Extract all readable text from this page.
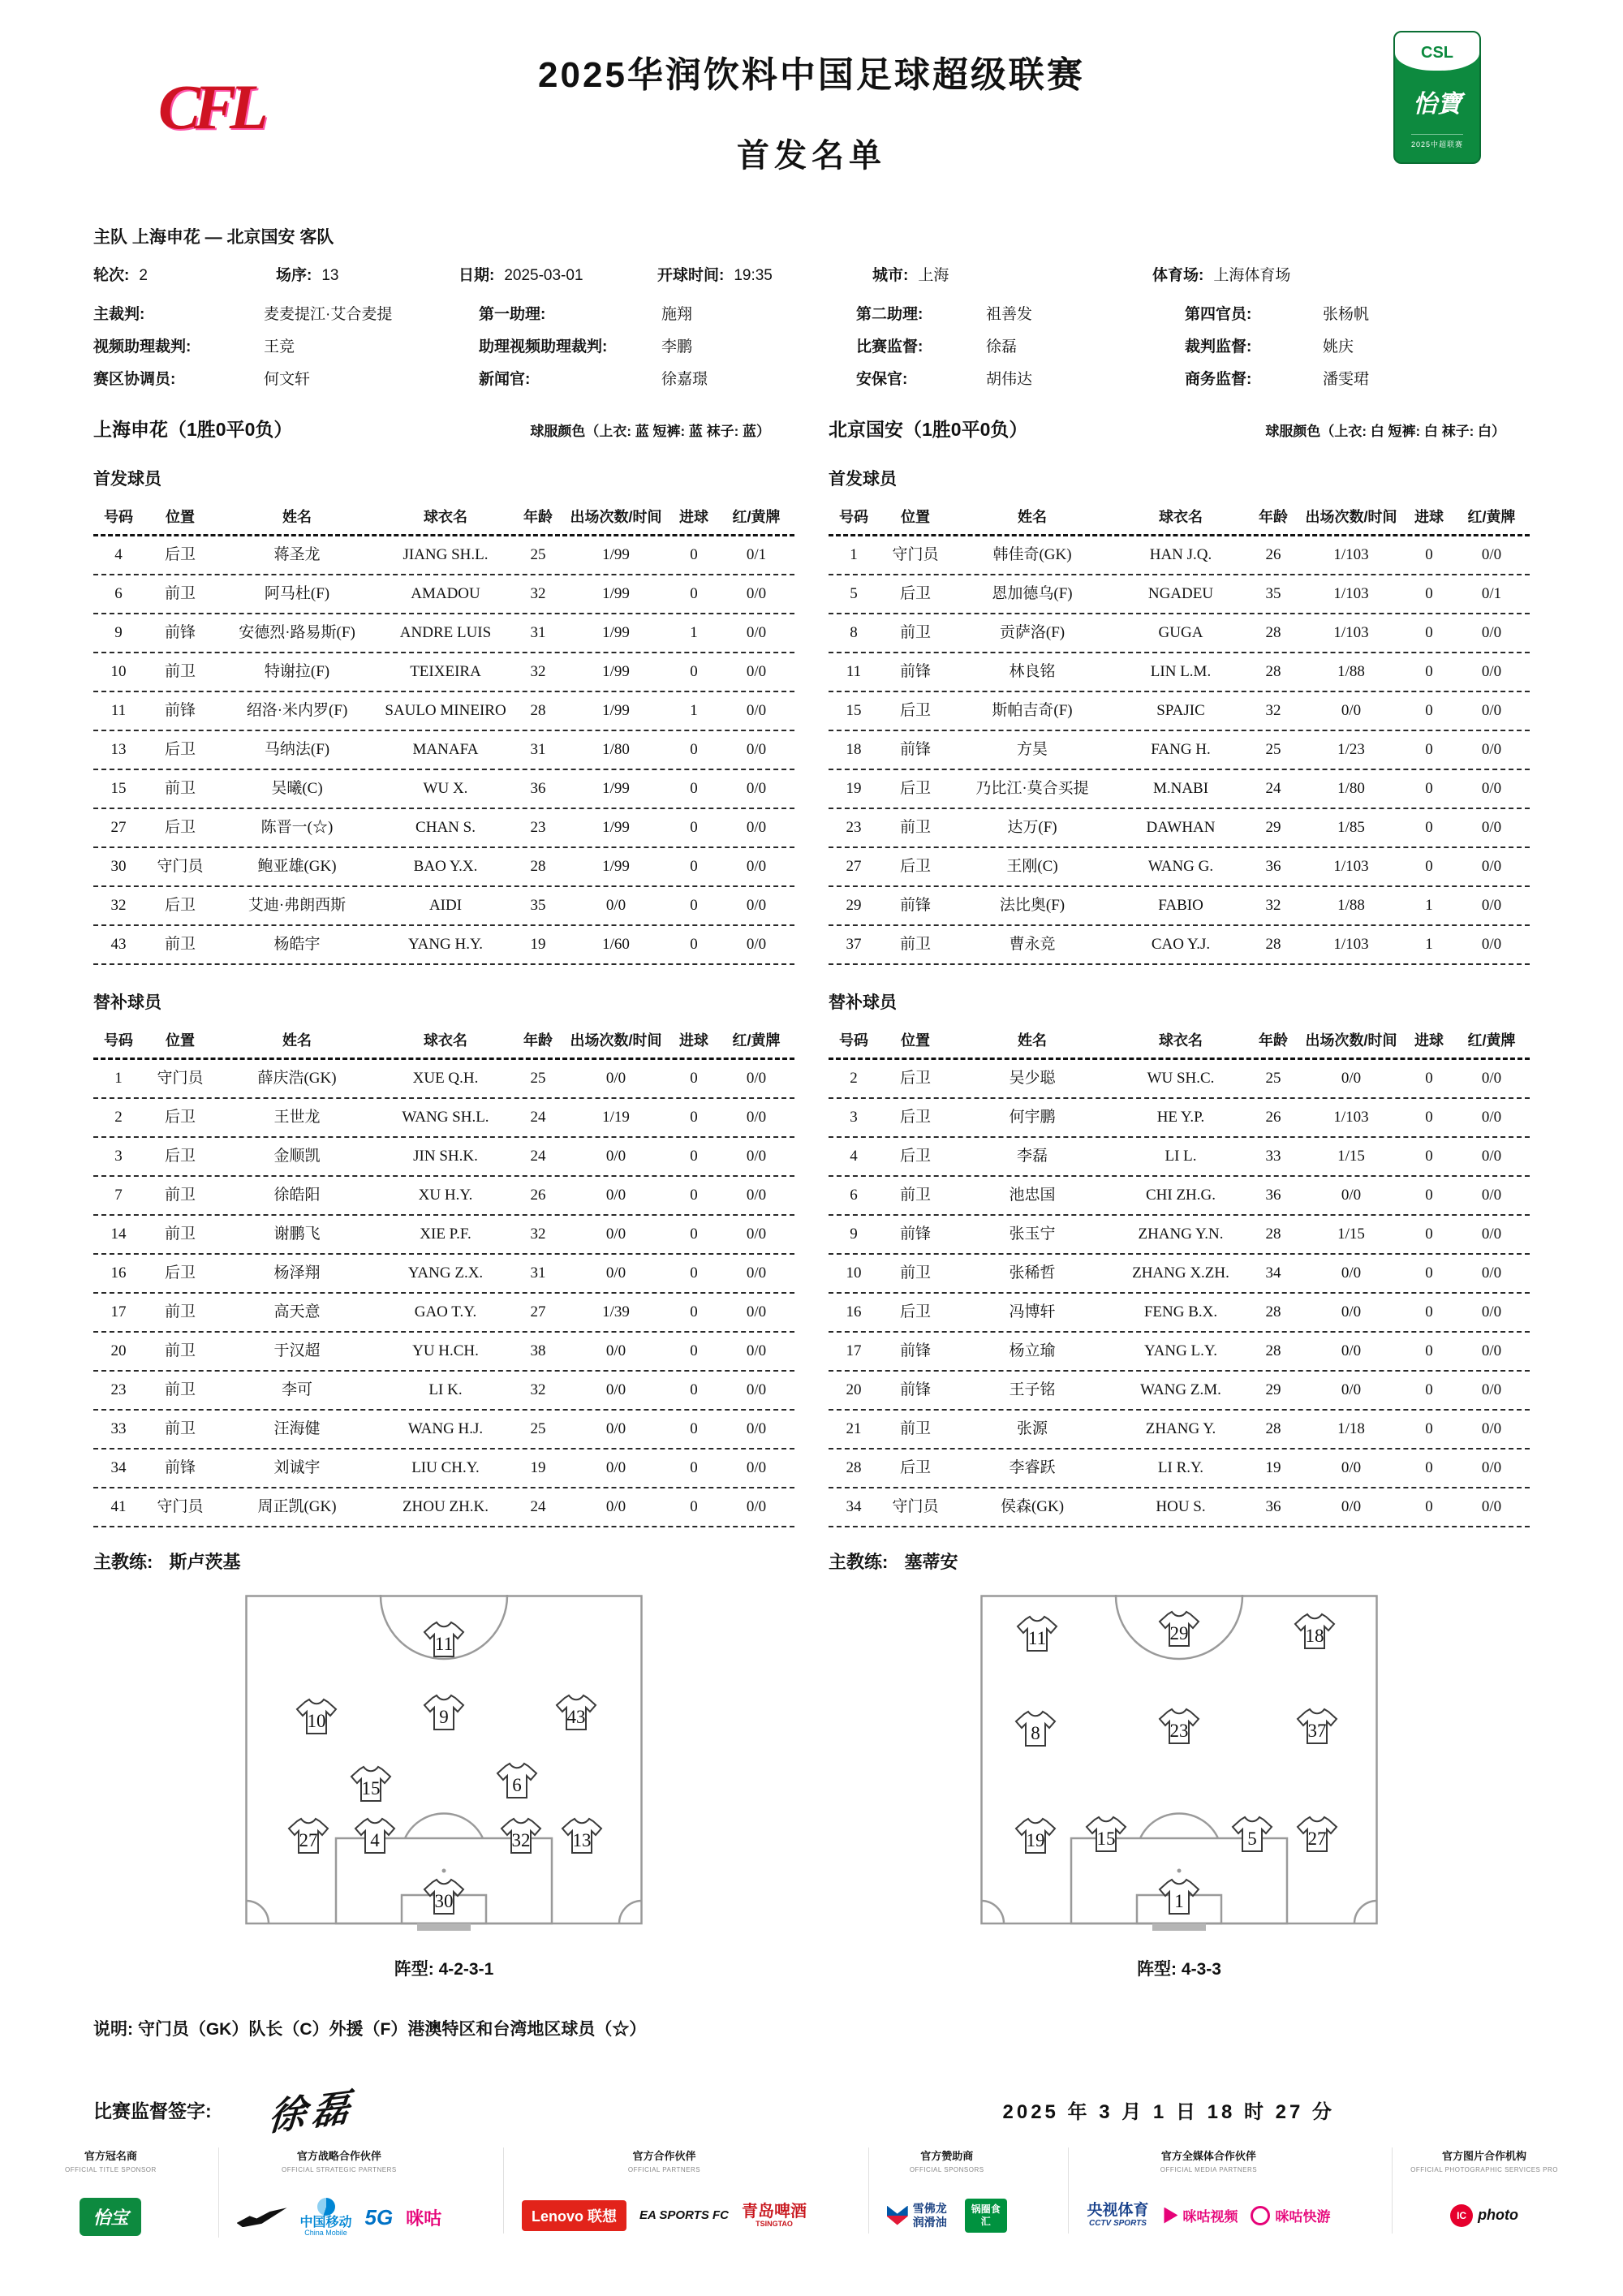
CFL	2025华润饮料中国足球超级联赛
首发名单
CSL
怡寶
2025中超联赛
主队 上海申花 — 北京国安 客队
轮次: 2	场序: 13	日期: 2025-03-01	开球时间: 19:35	城市: 上海	体育场: 上海体育场
主裁判:	麦麦提江·艾合麦提	第一助理:	施翔	第二助理:	祖善发	第四官员:	张杨帆
视频助理裁判:	王竞	助理视频助理裁判:	李鹏	比赛监督:	徐磊	裁判监督:	姚庆
赛区协调员:	何文轩	新闻官:	徐嘉璟	安保官:	胡伟达	商务监督:	潘雯珺
上海申花（1胜0平0负）	球服颜色（上衣: 蓝 短裤: 蓝 袜子: 蓝）	北京国安（1胜0平0负）	球服颜色（上衣: 白 短裤: 白 袜子: 白）
首发球员	首发球员
号码	位置	姓名	球衣名	年龄	出场次数/时间	进球	红/黄牌
4	后卫	蒋圣龙	JIANG SH.L.	25	1/99	0	0/1
6	前卫	阿马杜(F)	AMADOU	32	1/99	0	0/0
9	前锋	安德烈·路易斯(F)	ANDRE LUIS	31	1/99	1	0/0
10	前卫	特谢拉(F)	TEIXEIRA	32	1/99	0	0/0
11	前锋	绍洛·米内罗(F)	SAULO MINEIRO	28	1/99	1	0/0
13	后卫	马纳法(F)	MANAFA	31	1/80	0	0/0
15	前卫	吴曦(C)	WU X.	36	1/99	0	0/0
27	后卫	陈晋一(☆)	CHAN S.	23	1/99	0	0/0
30	守门员	鲍亚雄(GK)	BAO Y.X.	28	1/99	0	0/0
32	后卫	艾迪·弗朗西斯	AIDI	35	0/0	0	0/0
43	前卫	杨皓宇	YANG H.Y.	19	1/60	0	0/0
号码	位置	姓名	球衣名	年龄	出场次数/时间	进球	红/黄牌
1	守门员	韩佳奇(GK)	HAN J.Q.	26	1/103	0	0/0
5	后卫	恩加德乌(F)	NGADEU	35	1/103	0	0/1
8	前卫	贡萨洛(F)	GUGA	28	1/103	0	0/0
11	前锋	林良铭	LIN L.M.	28	1/88	0	0/0
15	后卫	斯帕吉奇(F)	SPAJIC	32	0/0	0	0/0
18	前锋	方昊	FANG H.	25	1/23	0	0/0
19	后卫	乃比江·莫合买提	M.NABI	24	1/80	0	0/0
23	前卫	达万(F)	DAWHAN	29	1/85	0	0/0
27	后卫	王刚(C)	WANG G.	36	1/103	0	0/0
29	前锋	法比奥(F)	FABIO	32	1/88	1	0/0
37	前卫	曹永竞	CAO Y.J.	28	1/103	1	0/0
替补球员	替补球员
号码	位置	姓名	球衣名	年龄	出场次数/时间	进球	红/黄牌
1	守门员	薛庆浩(GK)	XUE Q.H.	25	0/0	0	0/0
2	后卫	王世龙	WANG SH.L.	24	1/19	0	0/0
3	后卫	金顺凯	JIN SH.K.	24	0/0	0	0/0
7	前卫	徐皓阳	XU H.Y.	26	0/0	0	0/0
14	前卫	谢鹏飞	XIE P.F.	32	0/0	0	0/0
16	后卫	杨泽翔	YANG Z.X.	31	0/0	0	0/0
17	前卫	高天意	GAO T.Y.	27	1/39	0	0/0
20	前卫	于汉超	YU H.CH.	38	0/0	0	0/0
23	前卫	李可	LI K.	32	0/0	0	0/0
33	前卫	汪海健	WANG H.J.	25	0/0	0	0/0
34	前锋	刘诚宇	LIU CH.Y.	19	0/0	0	0/0
41	守门员	周正凯(GK)	ZHOU ZH.K.	24	0/0	0	0/0
号码	位置	姓名	球衣名	年龄	出场次数/时间	进球	红/黄牌
2	后卫	吴少聪	WU SH.C.	25	0/0	0	0/0
3	后卫	何宇鹏	HE Y.P.	26	1/103	0	0/0
4	后卫	李磊	LI L.	33	1/15	0	0/0
6	前卫	池忠国	CHI ZH.G.	36	0/0	0	0/0
9	前锋	张玉宁	ZHANG Y.N.	28	1/15	0	0/0
10	前卫	张稀哲	ZHANG X.ZH.	34	0/0	0	0/0
16	后卫	冯博轩	FENG B.X.	28	0/0	0	0/0
17	前锋	杨立瑜	YANG L.Y.	28	0/0	0	0/0
20	前锋	王子铭	WANG Z.M.	29	0/0	0	0/0
21	前卫	张源	ZHANG Y.	28	1/18	0	0/0
28	后卫	李睿跃	LI R.Y.	19	0/0	0	0/0
34	守门员	侯森(GK)	HOU S.	36	0/0	0	0/0
主教练: 斯卢茨基	主教练: 塞蒂安
11
10	9	43
15	6
27	4	32 13
30
阵型: 4-2-3-1
11	29	18
8	23	37
19	15	5	27
1
阵型: 4-3-3
说明: 守门员（GK）队长（C）外援（F）港澳特区和台湾地区球员（☆）
比赛监督签字: 徐磊	2025 年 3 月 1 日 18 时 27 分
官方冠名商
OFFICIAL TITLE SPONSOR
怡宝
官方战略合作伙伴
OFFICIAL STRATEGIC PARTNERS
中国移动
China Mobile
5G 咪咕
官方合作伙伴
OFFICIAL PARTNERS
Lenovo 联想 EA SPORTS FC 青岛啤酒
TSINGTAO
官方赞助商
OFFICIAL SPONSORS
雪佛龙 润滑油
锅圈食汇
官方全媒体合作伙伴
OFFICIAL MEDIA PARTNERS
央视体育
CCTV SPORTS	咪咕视频	咪咕快游
官方图片合作机构
OFFICIAL PHOTOGRAPHIC SERVICES PRO
IC photo
